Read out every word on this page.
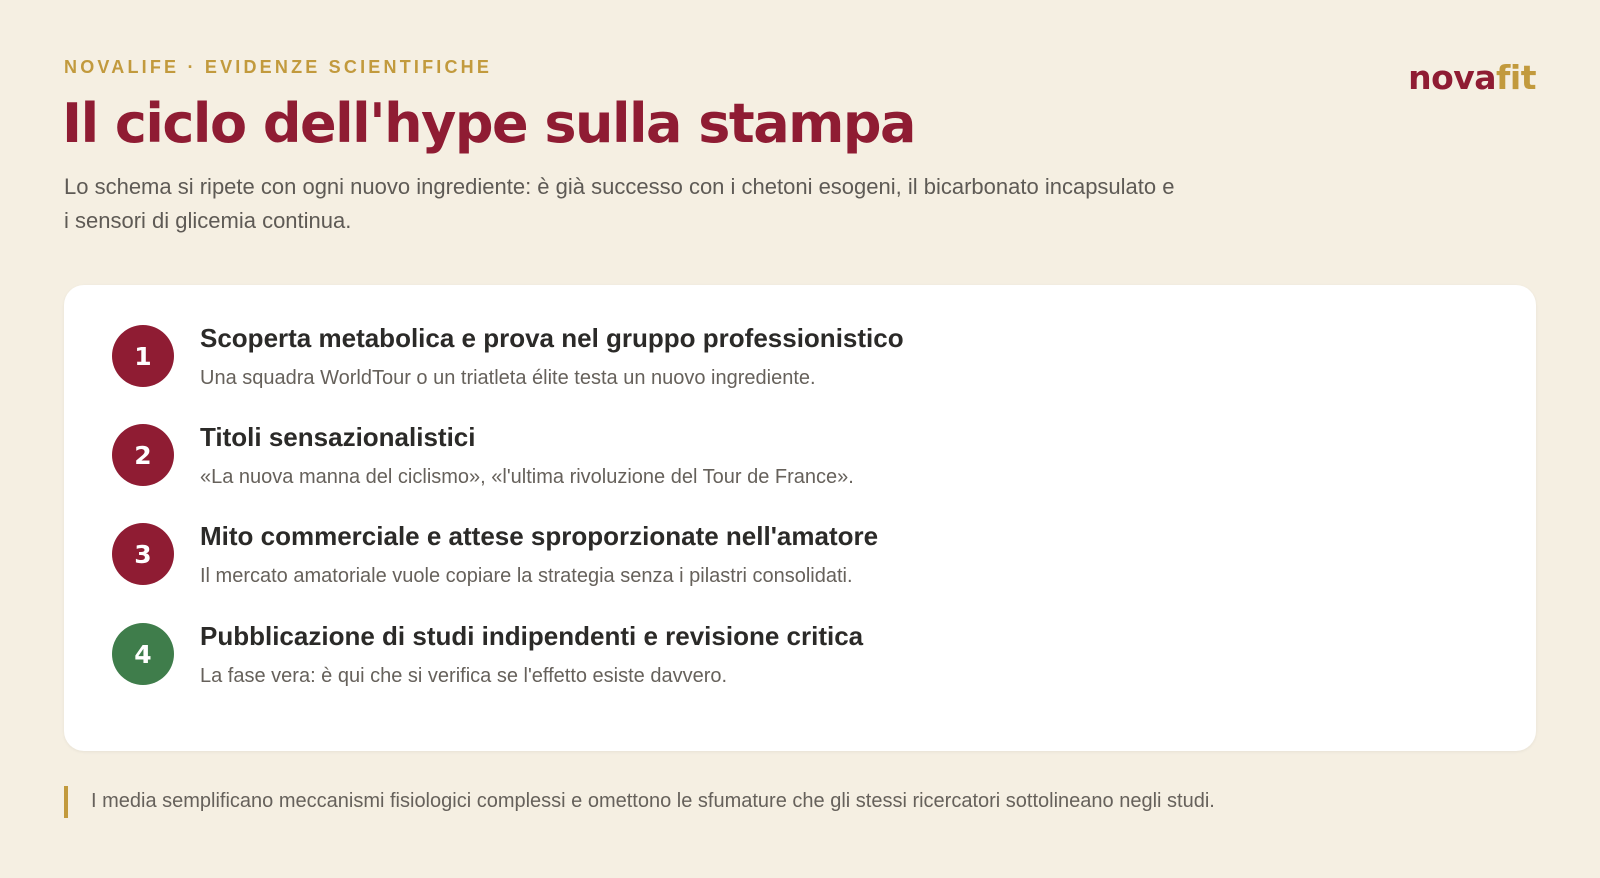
NOVALIFE · EVIDENZE SCIENTIFICHE	novafit
Il ciclo dell'hype sulla stampa
Lo schema si ripete con ogni nuovo ingrediente: è già successo con i chetoni esogeni, il bicarbonato incapsulato e i sensori di glicemia continua.
1
Scoperta metabolica e prova nel gruppo professionistico
Una squadra WorldTour o un triatleta élite testa un nuovo ingrediente.
2
Titoli sensazionalistici
«La nuova manna del ciclismo», «l'ultima rivoluzione del Tour de France».
3
Mito commerciale e attese sproporzionate nell'amatore
Il mercato amatoriale vuole copiare la strategia senza i pilastri consolidati.
4
Pubblicazione di studi indipendenti e revisione critica
La fase vera: è qui che si verifica se l'effetto esiste davvero.
I media semplificano meccanismi fisiologici complessi e omettono le sfumature che gli stessi ricercatori sottolineano negli studi.
